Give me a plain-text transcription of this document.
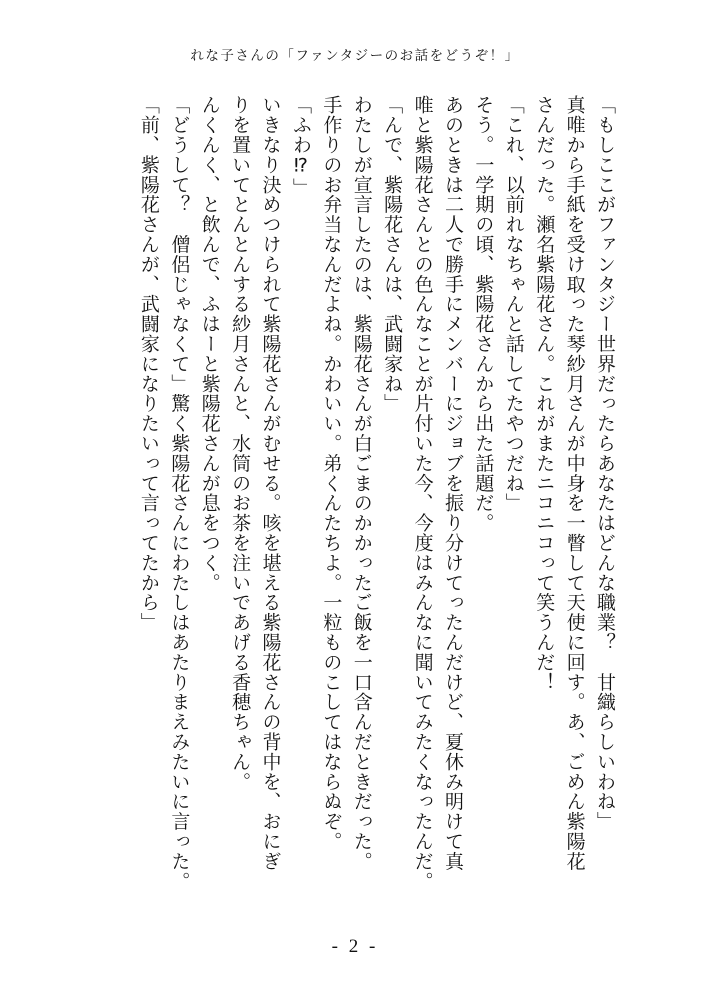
れな子さんの「ファンタジーのお話をどうぞ！」

「もしここがファンタジー世界だったらあなたはどんな職業？　甘織らしいわね」

真唯から手紙を受け取った琴紗月さんが中身を一瞥して天使に回す。あ、ごめん紫陽花

さんだった。瀬名紫陽花さん。これがまたニコニコって笑うんだ！

「これ、以前れなちゃんと話してたやつだね」

そう。一学期の頃、紫陽花さんから出た話題だ。

あのときは二人で勝手にメンバーにジョブを振り分けてったんだけど、夏休み明けて真

唯と紫陽花さんとの色んなことが片付いた今、今度はみんなに聞いてみたくなったんだ。

「んで、紫陽花さんは、武闘家ね」

わたしが宣言したのは、紫陽花さんが白ごまのかかったご飯を一口含んだときだった。

手作りのお弁当なんだよね。かわいい。弟くんたちよ。一粒ものこしてはならぬぞ。

「ふわ⁉」

いきなり決めつけられて紫陽花さんがむせる。咳を堪える紫陽花さんの背中を、おにぎ

りを置いてとんとんする紗月さんと、水筒のお茶を注いであげる香穂ちゃん。

んくんく、と飲んで、ふはーと紫陽花さんが息をつく。

「どうして？　僧侶じゃなくて」驚く紫陽花さんにわたしはあたりまえみたいに言った。

「前、紫陽花さんが、武闘家になりたいって言ってたから」

- 2 -
